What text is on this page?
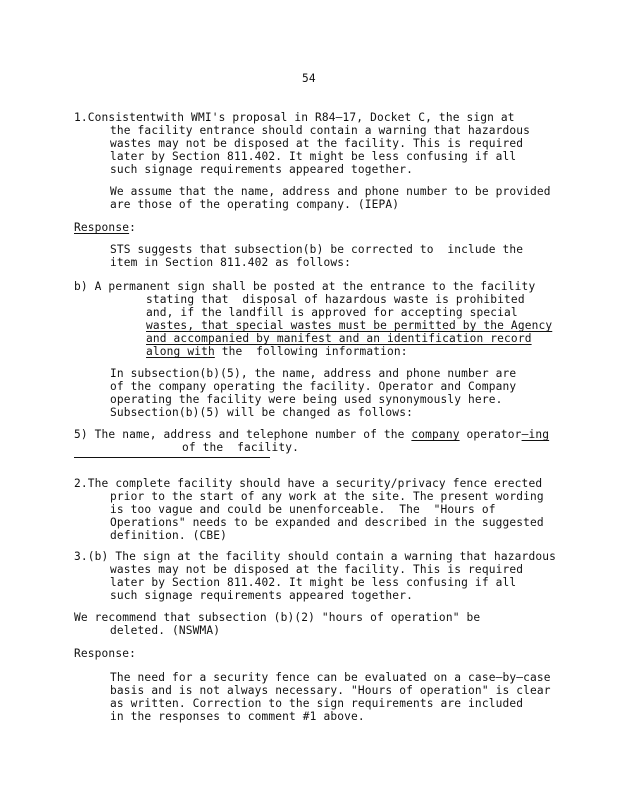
54
1.Consistentwith WMI's proposal in R84–17, Docket C, the sign at
the facility entrance should contain a warning that hazardous
wastes may not be disposed at the facility. This is required
later by Section 811.402. It might be less confusing if all
such signage requirements appeared together.
We assume that the name, address and phone number to be provided
are those of the operating company. (IEPA)
Response:
STS suggests that subsection(b) be corrected to  include the
item in Section 811.402 as follows:
b) A permanent sign shall be posted at the entrance to the facility
stating that  disposal of hazardous waste is prohibited
and, if the landfill is approved for accepting special
wastes, that special wastes must be permitted by the Agency
and accompanied by manifest and an identification record
along with the  following information:
In subsection(b)(5), the name, address and phone number are
of the company operating the facility. Operator and Company
operating the facility were being used synonymously here.
Subsection(b)(5) will be changed as follows:
5) The name, address and telephone number of the company operator–ing
of the  facility.
2.The complete facility should have a security/privacy fence erected
prior to the start of any work at the site. The present wording
is too vague and could be unenforceable.  The  "Hours of
Operations" needs to be expanded and described in the suggested
definition. (CBE)
3.(b) The sign at the facility should contain a warning that hazardous
wastes may not be disposed at the facility. This is required
later by Section 811.402. It might be less confusing if all
such signage requirements appeared together.
We recommend that subsection (b)(2) "hours of operation" be
deleted. (NSWMA)
Response:
The need for a security fence can be evaluated on a case–by–case
basis and is not always necessary. "Hours of operation" is clear
as written. Correction to the sign requirements are included
in the responses to comment #1 above.
